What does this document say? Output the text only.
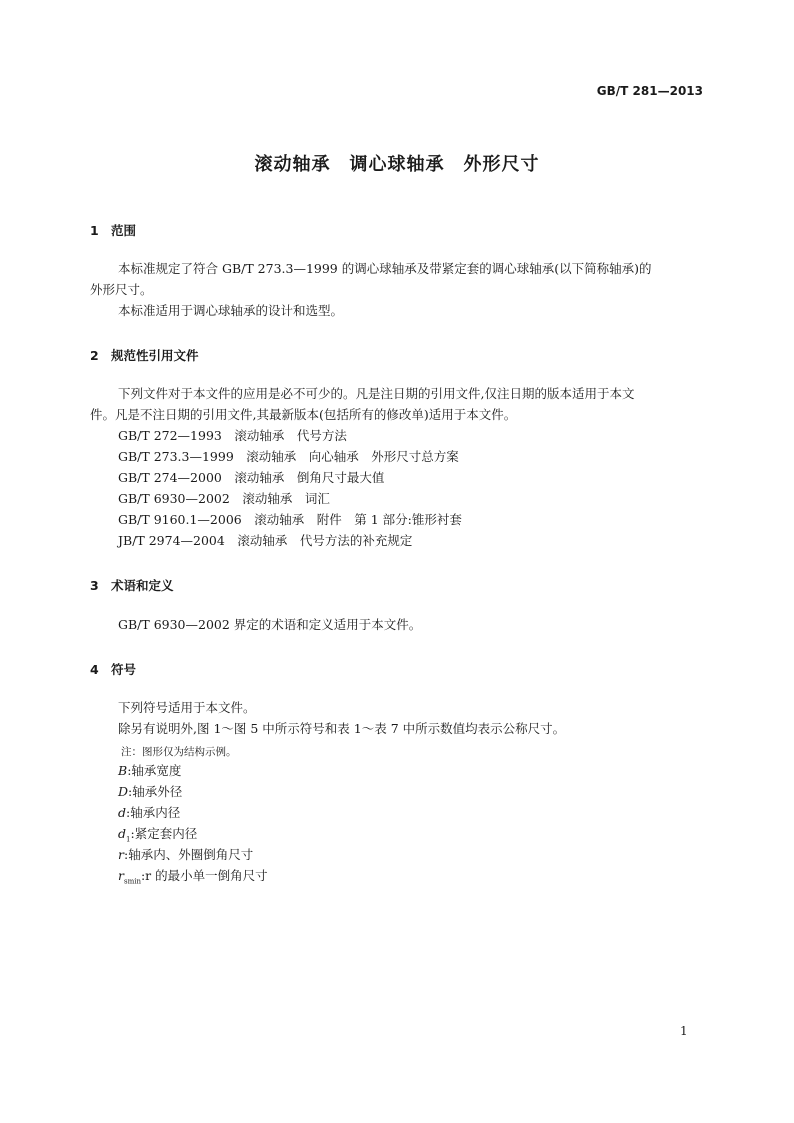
GB/T 281—2013
滚动轴承　调心球轴承　外形尺寸
1 范围
本标准规定了符合 GB/T 273.3—1999 的调心球轴承及带紧定套的调心球轴承(以下简称轴承)的
外形尺寸。
本标准适用于调心球轴承的设计和选型。
2 规范性引用文件
下列文件对于本文件的应用是必不可少的。凡是注日期的引用文件,仅注日期的版本适用于本文
件。凡是不注日期的引用文件,其最新版本(包括所有的修改单)适用于本文件。
GB/T 272—1993　滚动轴承　代号方法
GB/T 273.3—1999　滚动轴承　向心轴承　外形尺寸总方案
GB/T 274—2000　滚动轴承　倒角尺寸最大值
GB/T 6930—2002　滚动轴承　词汇
GB/T 9160.1—2006　滚动轴承　附件　第 1 部分:锥形衬套
JB/T 2974—2004　滚动轴承　代号方法的补充规定
3 术语和定义
GB/T 6930—2002 界定的术语和定义适用于本文件。
4 符号
下列符号适用于本文件。
除另有说明外,图 1～图 5 中所示符号和表 1～表 7 中所示数值均表示公称尺寸。
注：图形仅为结构示例。
B:轴承宽度
D:轴承外径
d:轴承内径
$d_1$:紧定套内径
r:轴承内、外圈倒角尺寸
$r_{smin}:r$ 的最小单一倒角尺寸
1
